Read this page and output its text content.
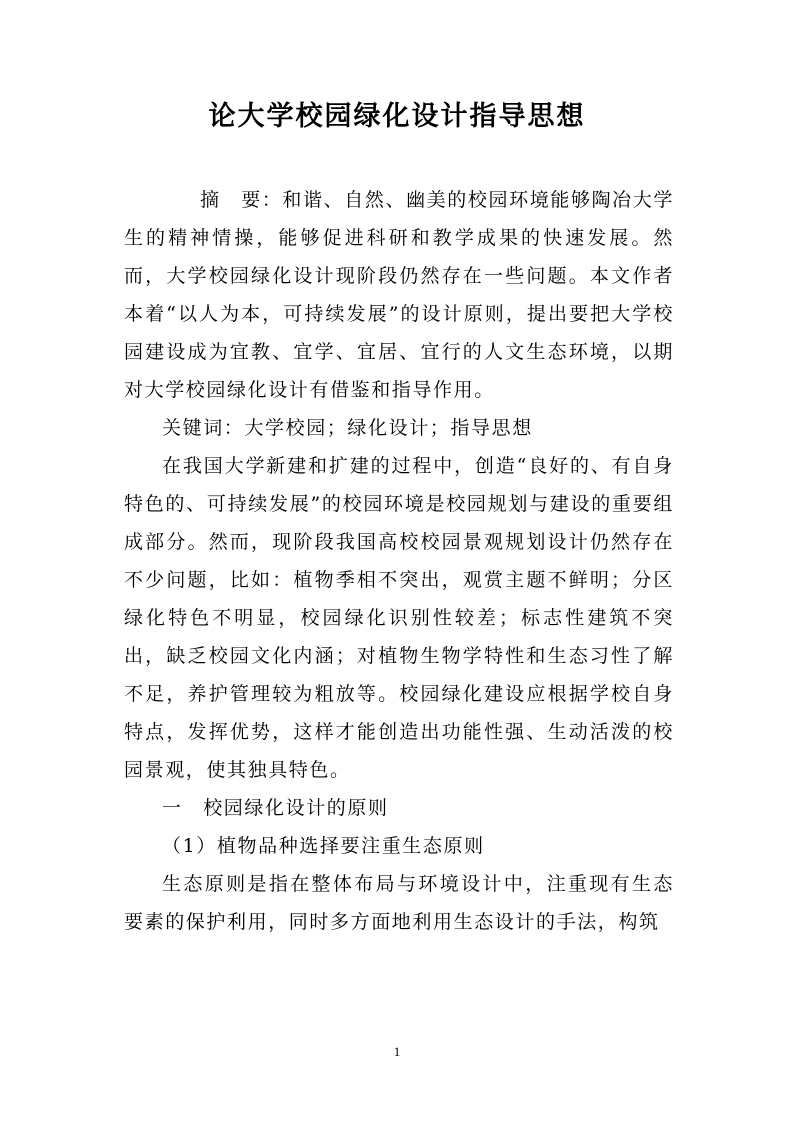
论大学校园绿化设计指导思想

摘　要：和谐、自然、幽美的校园环境能够陶冶大学生的精神情操，能够促进科研和教学成果的快速发展。然而，大学校园绿化设计现阶段仍然存在一些问题。本文作者本着“以人为本，可持续发展”的设计原则，提出要把大学校园建设成为宜教、宜学、宜居、宜行的人文生态环境，以期对大学校园绿化设计有借鉴和指导作用。

关键词：大学校园；绿化设计；指导思想

在我国大学新建和扩建的过程中，创造“良好的、有自身特色的、可持续发展”的校园环境是校园规划与建设的重要组成部分。然而，现阶段我国高校校园景观规划设计仍然存在不少问题，比如：植物季相不突出，观赏主题不鲜明；分区绿化特色不明显，校园绿化识别性较差；标志性建筑不突出，缺乏校园文化内涵；对植物生物学特性和生态习性了解不足，养护管理较为粗放等。校园绿化建设应根据学校自身特点，发挥优势，这样才能创造出功能性强、生动活泼的校园景观，使其独具特色。

一　校园绿化设计的原则

（1）植物品种选择要注重生态原则

生态原则是指在整体布局与环境设计中，注重现有生态要素的保护利用，同时多方面地利用生态设计的手法，构筑

1
